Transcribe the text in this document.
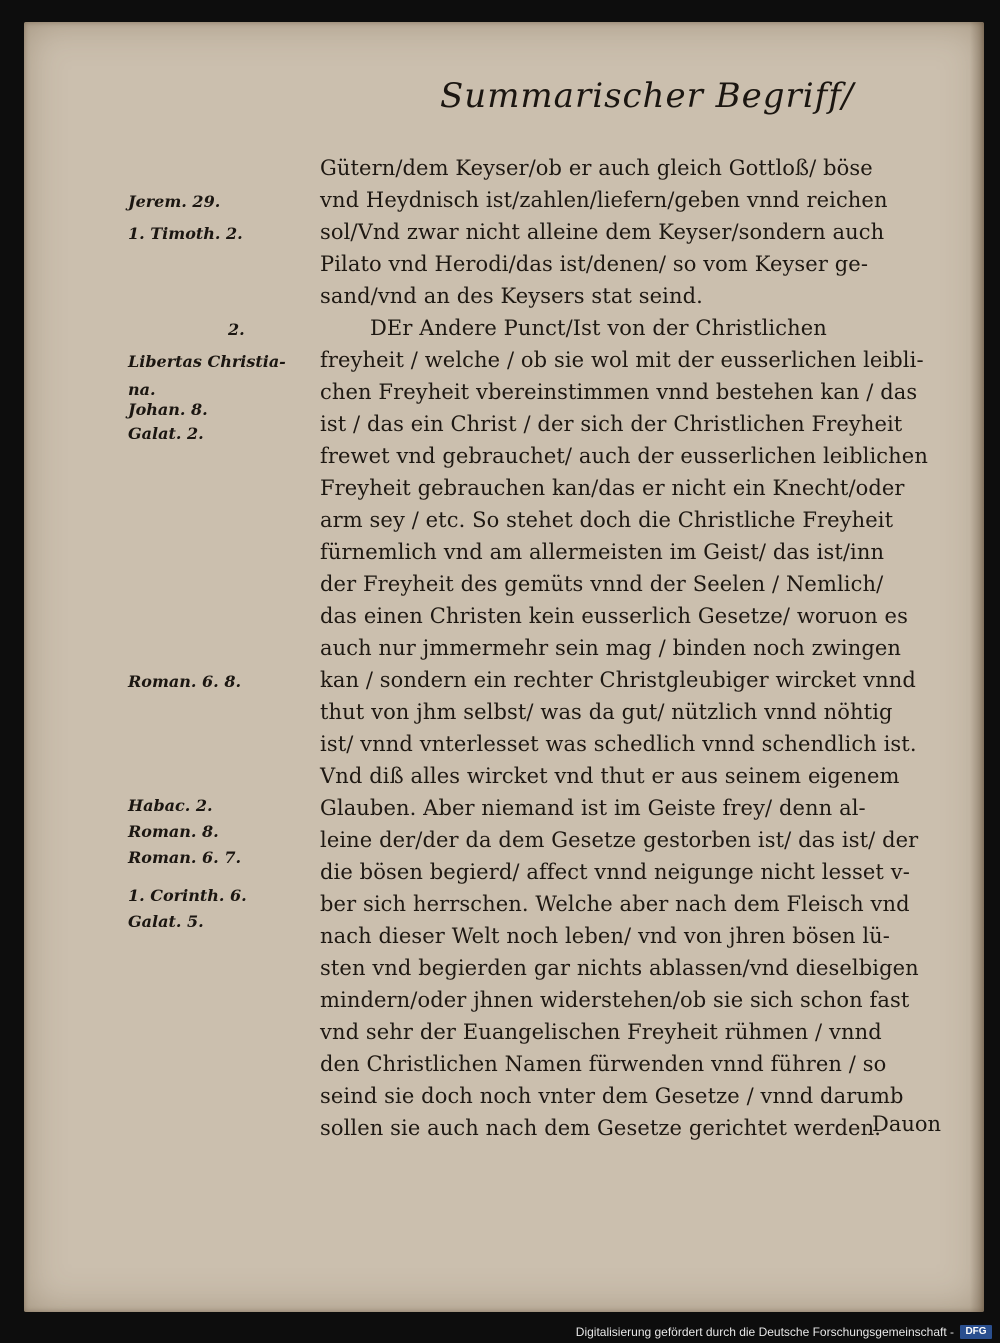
Summarischer Begriff/
Jerem. 29.
1. Timoth. 2.
2.
Libertas Christia-
na.
Johan. 8.
Galat. 2.
Roman. 6. 8.
Habac. 2.
Roman. 8.
Roman. 6. 7.
1. Corinth. 6.
Galat. 5.
Gütern/dem Keyser/ob er auch gleich Gottloß/ böse
vnd Heydnisch ist/zahlen/liefern/geben vnnd reichen
sol/Vnd zwar nicht alleine dem Keyser/sondern auch
Pilato vnd Herodi/das ist/denen/ so vom Keyser ge-
sand/vnd an des Keysers stat seind.
DEr Andere Punct/Ist von der Christlichen
freyheit / welche / ob sie wol mit der eusserlichen leibli-
chen Freyheit vbereinstimmen vnnd bestehen kan / das
ist / das ein Christ / der sich der Christlichen Freyheit
frewet vnd gebrauchet/ auch der eusserlichen leiblichen
Freyheit gebrauchen kan/das er nicht ein Knecht/oder
arm sey / etc. So stehet doch die Christliche Freyheit
fürnemlich vnd am allermeisten im Geist/ das ist/inn
der Freyheit des gemüts vnnd der Seelen / Nemlich/
das einen Christen kein eusserlich Gesetze/ woruon es
auch nur jmmermehr sein mag / binden noch zwingen
kan / sondern ein rechter Christgleubiger wircket vnnd
thut von jhm selbst/ was da gut/ nützlich vnnd nöhtig
ist/ vnnd vnterlesset was schedlich vnnd schendlich ist.
Vnd diß alles wircket vnd thut er aus seinem eigenem
Glauben. Aber niemand ist im Geiste frey/ denn al-
leine der/der da dem Gesetze gestorben ist/ das ist/ der
die bösen begierd/ affect vnnd neigunge nicht lesset v-
ber sich herrschen. Welche aber nach dem Fleisch vnd
nach dieser Welt noch leben/ vnd von jhren bösen lü-
sten vnd begierden gar nichts ablassen/vnd dieselbigen
mindern/oder jhnen widerstehen/ob sie sich schon fast
vnd sehr der Euangelischen Freyheit rühmen / vnnd
den Christlichen Namen fürwenden vnnd führen / so
seind sie doch noch vnter dem Gesetze / vnnd darumb
sollen sie auch nach dem Gesetze gerichtet werden.
Dauon
Digitalisierung gefördert durch die Deutsche Forschungsgemeinschaft -	DFG
